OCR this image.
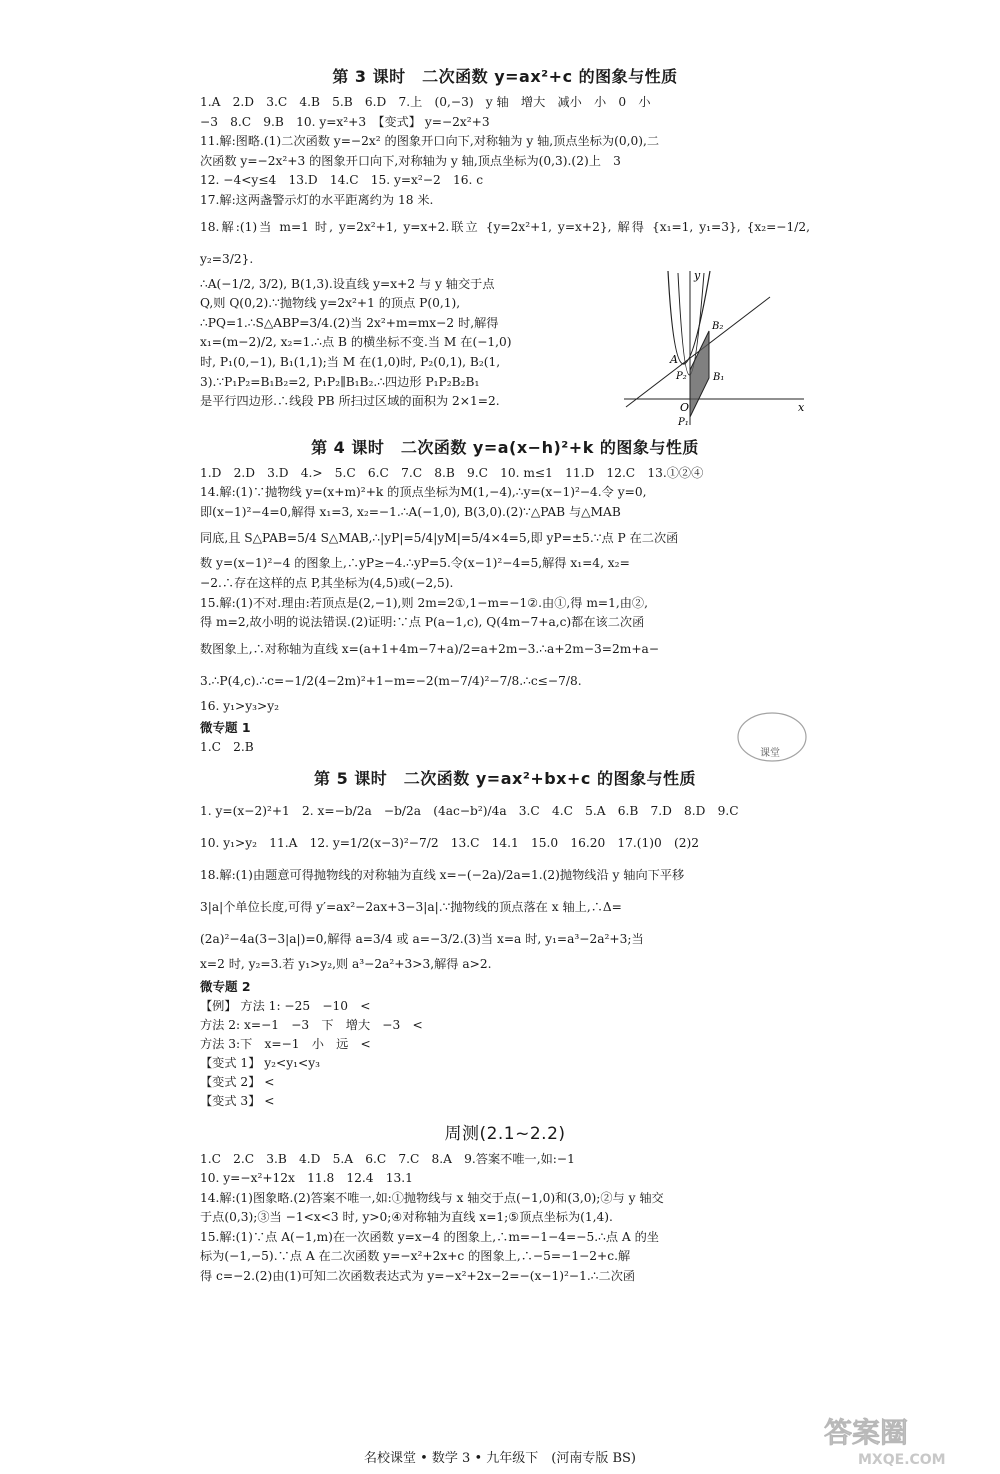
第 3 课时　二次函数 y=ax²+c 的图象与性质
1.A　2.D　3.C　4.B　5.B　6.D　7.上　(0,−3)　y 轴　增大　减小　小　0　小
−3　8.C　9.B　10. y=x²+3　【变式】 y=−2x²+3
11.解:图略.(1)二次函数 y=−2x² 的图象开口向下,对称轴为 y 轴,顶点坐标为(0,0),二
次函数 y=−2x²+3 的图象开口向下,对称轴为 y 轴,顶点坐标为(0,3).(2)上　3
12. −4<y≤4　13.D　14.C　15. y=x²−2　16. c
17.解:这两盏警示灯的水平距离约为 18 米.
18.解:(1)当 m=1 时, y=2x²+1, y=x+2.联立 {y=2x²+1, y=x+2}, 解得 {x₁=1, y₁=3}, {x₂=−1/2, y₂=3/2}.
∴A(−1/2, 3/2), B(1,3).设直线 y=x+2 与 y 轴交于点
Q,则 Q(0,2).∵抛物线 y=2x²+1 的顶点 P(0,1),
∴PQ=1.∴S△ABP=3/4.(2)当 2x²+m=mx−2 时,解得
x₁=(m−2)/2, x₂=1.∴点 B 的横坐标不变.当 M 在(−1,0)
时, P₁(0,−1), B₁(1,1);当 M 在(1,0)时, P₂(0,1), B₂(1,
3).∵P₁P₂=B₁B₂=2, P₁P₂∥B₁B₂.∴四边形 P₁P₂B₂B₁
是平行四边形.∴线段 PB 所扫过区域的面积为 2×1=2.
y
x
O
A
B₂
B₁
P₂
P₁
第 4 课时　二次函数 y=a(x−h)²+k 的图象与性质
1.D　2.D　3.D　4.>　5.C　6.C　7.C　8.B　9.C　10. m≤1　11.D　12.C　13.①②④
14.解:(1)∵抛物线 y=(x+m)²+k 的顶点坐标为M(1,−4),∴y=(x−1)²−4.令 y=0,
即(x−1)²−4=0,解得 x₁=3, x₂=−1.∴A(−1,0), B(3,0).(2)∵△PAB 与△MAB
同底,且 S△PAB=5/4 S△MAB,∴|yP|=5/4|yM|=5/4×4=5,即 yP=±5.∵点 P 在二次函
数 y=(x−1)²−4 的图象上,∴yP≥−4.∴yP=5.令(x−1)²−4=5,解得 x₁=4, x₂=
−2.∴存在这样的点 P,其坐标为(4,5)或(−2,5).
15.解:(1)不对.理由:若顶点是(2,−1),则 2m=2①,1−m=−1②.由①,得 m=1,由②,
得 m=2,故小明的说法错误.(2)证明:∵点 P(a−1,c), Q(4m−7+a,c)都在该二次函
数图象上,∴对称轴为直线 x=(a+1+4m−7+a)/2=a+2m−3.∴a+2m−3=2m+a−
3.∴P(4,c).∴c=−1/2(4−2m)²+1−m=−2(m−7/4)²−7/8.∴c≤−7/8.
16. y₁>y₃>y₂
微专题 1
1.C　2.B
第 5 课时　二次函数 y=ax²+bx+c 的图象与性质
1. y=(x−2)²+1　2. x=−b/2a　−b/2a　(4ac−b²)/4a　3.C　4.C　5.A　6.B　7.D　8.D　9.C
10. y₁>y₂　11.A　12. y=1/2(x−3)²−7/2　13.C　14.1　15.0　16.20　17.(1)0　(2)2
18.解:(1)由题意可得抛物线的对称轴为直线 x=−(−2a)/2a=1.(2)抛物线沿 y 轴向下平移
3|a|个单位长度,可得 y′=ax²−2ax+3−3|a|.∵抛物线的顶点落在 x 轴上,∴Δ=
(2a)²−4a(3−3|a|)=0,解得 a=3/4 或 a=−3/2.(3)当 x=a 时, y₁=a³−2a²+3;当
x=2 时, y₂=3.若 y₁>y₂,则 a³−2a²+3>3,解得 a>2.
微专题 2
【例】 方法 1: −25　−10　<
方法 2: x=−1　−3　下　增大　−3　<
方法 3:下　x=−1　小　远　<
【变式 1】 y₂<y₁<y₃
【变式 2】 <
【变式 3】 <
周测(2.1~2.2)
1.C　2.C　3.B　4.D　5.A　6.C　7.C　8.A　9.答案不唯一,如:−1
10. y=−x²+12x　11.8　12.4　13.1
14.解:(1)图象略.(2)答案不唯一,如:①抛物线与 x 轴交于点(−1,0)和(3,0);②与 y 轴交
于点(0,3);③当 −1<x<3 时, y>0;④对称轴为直线 x=1;⑤顶点坐标为(1,4).
15.解:(1)∵点 A(−1,m)在一次函数 y=x−4 的图象上,∴m=−1−4=−5.∴点 A 的坐
标为(−1,−5).∵点 A 在二次函数 y=−x²+2x+c 的图象上,∴−5=−1−2+c.解
得 c=−2.(2)由(1)可知二次函数表达式为 y=−x²+2x−2=−(x−1)²−1.∴二次函
课堂
名校课堂 • 数学 3 • 九年级下　(河南专版 BS)
答案圈
MXQE.COM
